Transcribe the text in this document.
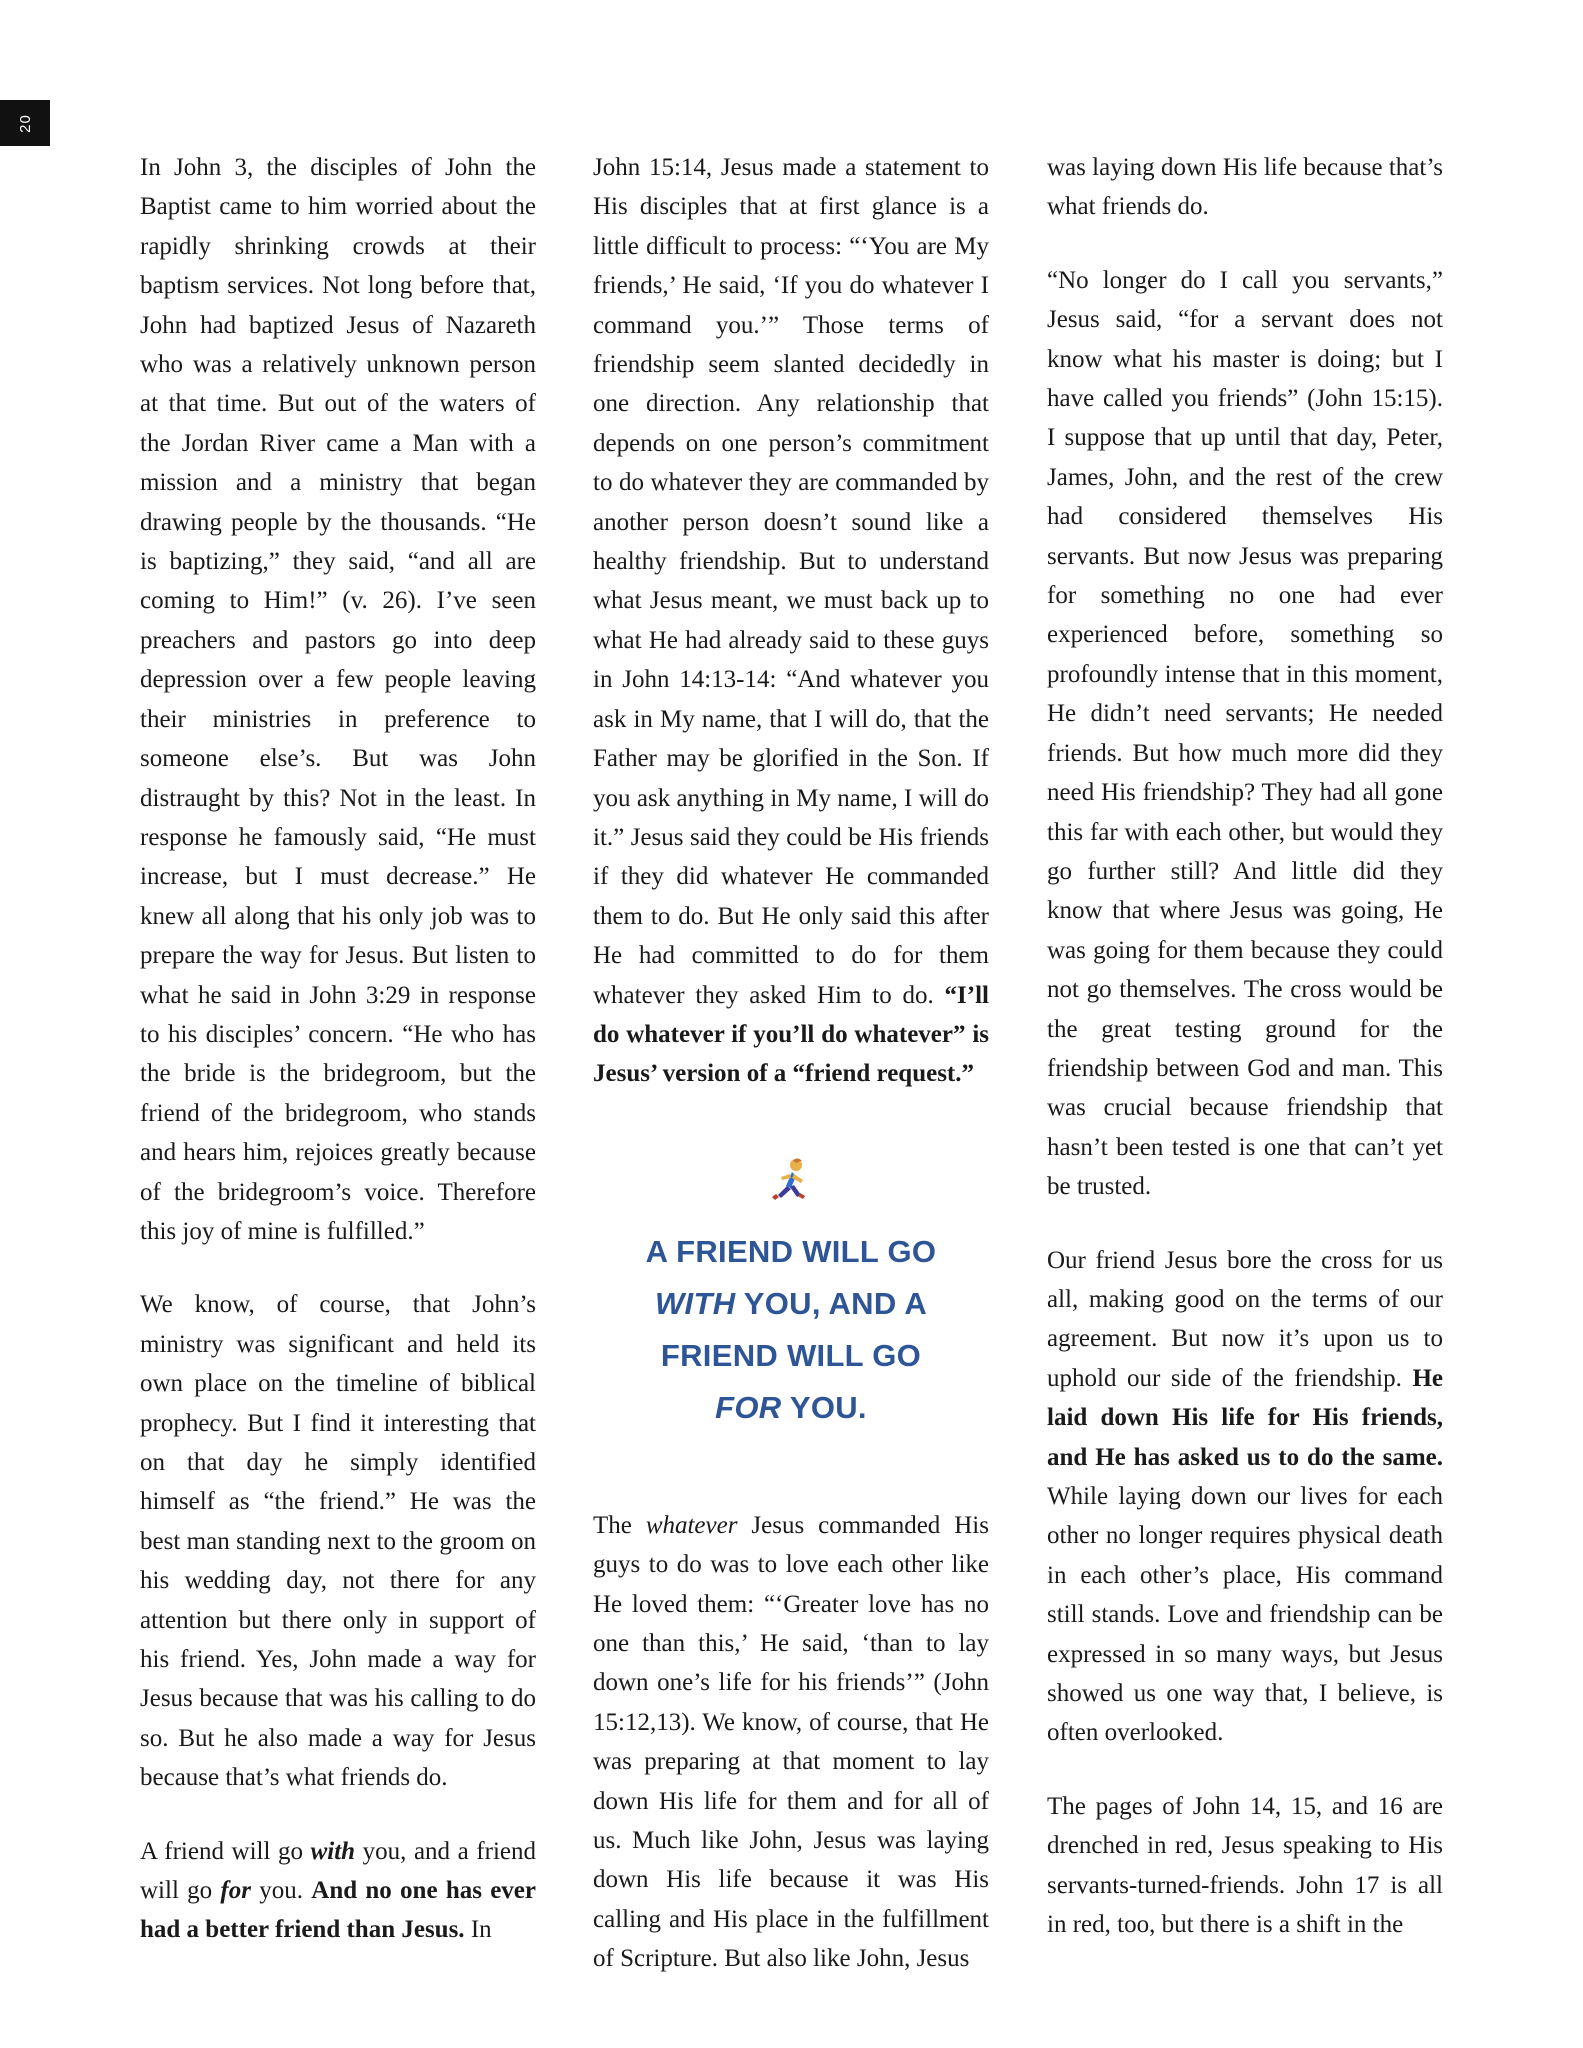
20

In John 3, the disciples of John the Baptist came to him worried about the rapidly shrinking crowds at their baptism services. Not long before that, John had baptized Jesus of Nazareth who was a relatively unknown person at that time. But out of the waters of the Jordan River came a Man with a mission and a ministry that began drawing people by the thousands. “He is baptizing,” they said, “and all are coming to Him!” (v. 26). I’ve seen preachers and pastors go into deep depression over a few people leaving their ministries in preference to someone else’s. But was John distraught by this? Not in the least. In response he famously said, “He must increase, but I must decrease.” He knew all along that his only job was to prepare the way for Jesus. But listen to what he said in John 3:29 in response to his disciples’ concern. “He who has the bride is the bridegroom, but the friend of the bridegroom, who stands and hears him, rejoices greatly because of the bridegroom’s voice. Therefore this joy of mine is fulfilled.”

We know, of course, that John’s ministry was significant and held its own place on the timeline of biblical prophecy. But I find it interesting that on that day he simply identified himself as “the friend.” He was the best man standing next to the groom on his wedding day, not there for any attention but there only in support of his friend. Yes, John made a way for Jesus because that was his calling to do so. But he also made a way for Jesus because that’s what friends do.

A friend will go with you, and a friend will go for you. And no one has ever had a better friend than Jesus. In

John 15:14, Jesus made a statement to His disciples that at first glance is a little difficult to process: “‘You are My friends,’ He said, ‘If you do whatever I command you.’” Those terms of friendship seem slanted decidedly in one direction. Any relationship that depends on one person’s commitment to do whatever they are commanded by another person doesn’t sound like a healthy friendship. But to understand what Jesus meant, we must back up to what He had already said to these guys in John 14:13-14: “And whatever you ask in My name, that I will do, that the Father may be glorified in the Son. If you ask anything in My name, I will do it.” Jesus said they could be His friends if they did whatever He commanded them to do. But He only said this after He had committed to do for them whatever they asked Him to do. “I’ll do whatever if you’ll do whatever” is Jesus’ version of a “friend request.”

A FRIEND WILL GO
WITH YOU, AND A
FRIEND WILL GO
FOR YOU.

The whatever Jesus commanded His guys to do was to love each other like He loved them: “‘Greater love has no one than this,’ He said, ‘than to lay down one’s life for his friends’” (John 15:12,13). We know, of course, that He was preparing at that moment to lay down His life for them and for all of us. Much like John, Jesus was laying down His life because it was His calling and His place in the fulfillment of Scripture. But also like John, Jesus

was laying down His life because that’s what friends do.

“No longer do I call you servants,” Jesus said, “for a servant does not know what his master is doing; but I have called you friends” (John 15:15). I suppose that up until that day, Peter, James, John, and the rest of the crew had considered themselves His servants. But now Jesus was preparing for something no one had ever experienced before, something so profoundly intense that in this moment, He didn’t need servants; He needed friends. But how much more did they need His friendship? They had all gone this far with each other, but would they go further still? And little did they know that where Jesus was going, He was going for them because they could not go themselves. The cross would be the great testing ground for the friendship between God and man. This was crucial because friendship that hasn’t been tested is one that can’t yet be trusted.

Our friend Jesus bore the cross for us all, making good on the terms of our agreement. But now it’s upon us to uphold our side of the friendship. He laid down His life for His friends, and He has asked us to do the same. While laying down our lives for each other no longer requires physical death in each other’s place, His command still stands. Love and friendship can be expressed in so many ways, but Jesus showed us one way that, I believe, is often overlooked.

The pages of John 14, 15, and 16 are drenched in red, Jesus speaking to His servants-turned-friends. John 17 is all in red, too, but there is a shift in the
